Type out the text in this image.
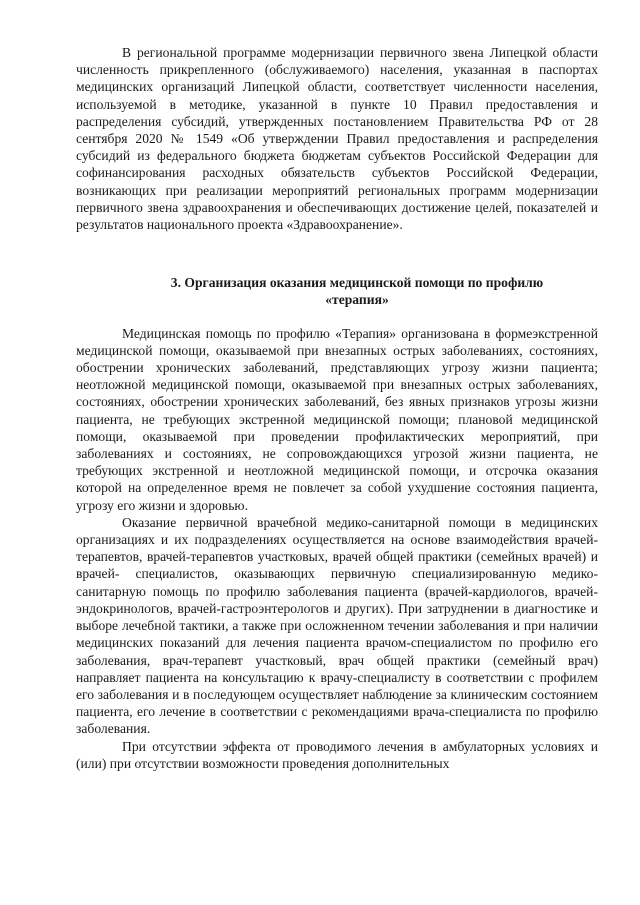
В региональной программе модернизации первичного звена Липецкой области численность прикрепленного (обслуживаемого) населения, указанная в паспортах медицинских организаций Липецкой области, соответствует численности населения, используемой в методике, указанной в пункте 10 Правил предоставления и распределения субсидий, утвержденных постановлением Правительства РФ от 28 сентября 2020 № 1549 «Об утверждении Правил предоставления и распределения субсидий из федерального бюджета бюджетам субъектов Российской Федерации для софинансирования расходных обязательств субъектов Российской Федерации, возникающих при реализации мероприятий региональных программ модернизации первичного звена здравоохранения и обеспечивающих достижение целей, показателей и результатов национального проекта «Здравоохранение».

3. Организация оказания медицинской помощи по профилю
«терапия»

Медицинская помощь по профилю «Терапия» организована в формеэкстренной медицинской помощи, оказываемой при внезапных острых заболеваниях, состояниях, обострении хронических заболеваний, представляющих угрозу жизни пациента; неотложной медицинской помощи, оказываемой при внезапных острых заболеваниях, состояниях, обострении хронических заболеваний, без явных признаков угрозы жизни пациента, не требующих экстренной медицинской помощи; плановой медицинской помощи, оказываемой при проведении профилактических мероприятий, при заболеваниях и состояниях, не сопровождающихся угрозой жизни пациента, не требующих экстренной и неотложной медицинской помощи, и отсрочка оказания которой на определенное время не повлечет за собой ухудшение состояния пациента, угрозу его жизни и здоровью.

Оказание первичной врачебной медико-санитарной помощи в медицинских организациях и их подразделениях осуществляется на основе взаимодействия врачей-терапевтов, врачей-терапевтов участковых, врачей общей практики (семейных врачей) и врачей- специалистов, оказывающих первичную специализированную медико-санитарную помощь по профилю заболевания пациента (врачей-кардиологов, врачей-эндокринологов, врачей-гастроэнтерологов и других). При затруднении в диагностике и выборе лечебной тактики, а также при осложненном течении заболевания и при наличии медицинских показаний для лечения пациента врачом-специалистом по профилю его заболевания, врач-терапевт участковый, врач общей практики (семейный врач) направляет пациента на консультацию к врачу-специалисту в соответствии с профилем его заболевания и в последующем осуществляет наблюдение за клиническим состоянием пациента, его лечение в соответствии с рекомендациями врача-специалиста по профилю заболевания.

При отсутствии эффекта от проводимого лечения в амбулаторных условиях и (или) при отсутствии возможности проведения дополнительных
